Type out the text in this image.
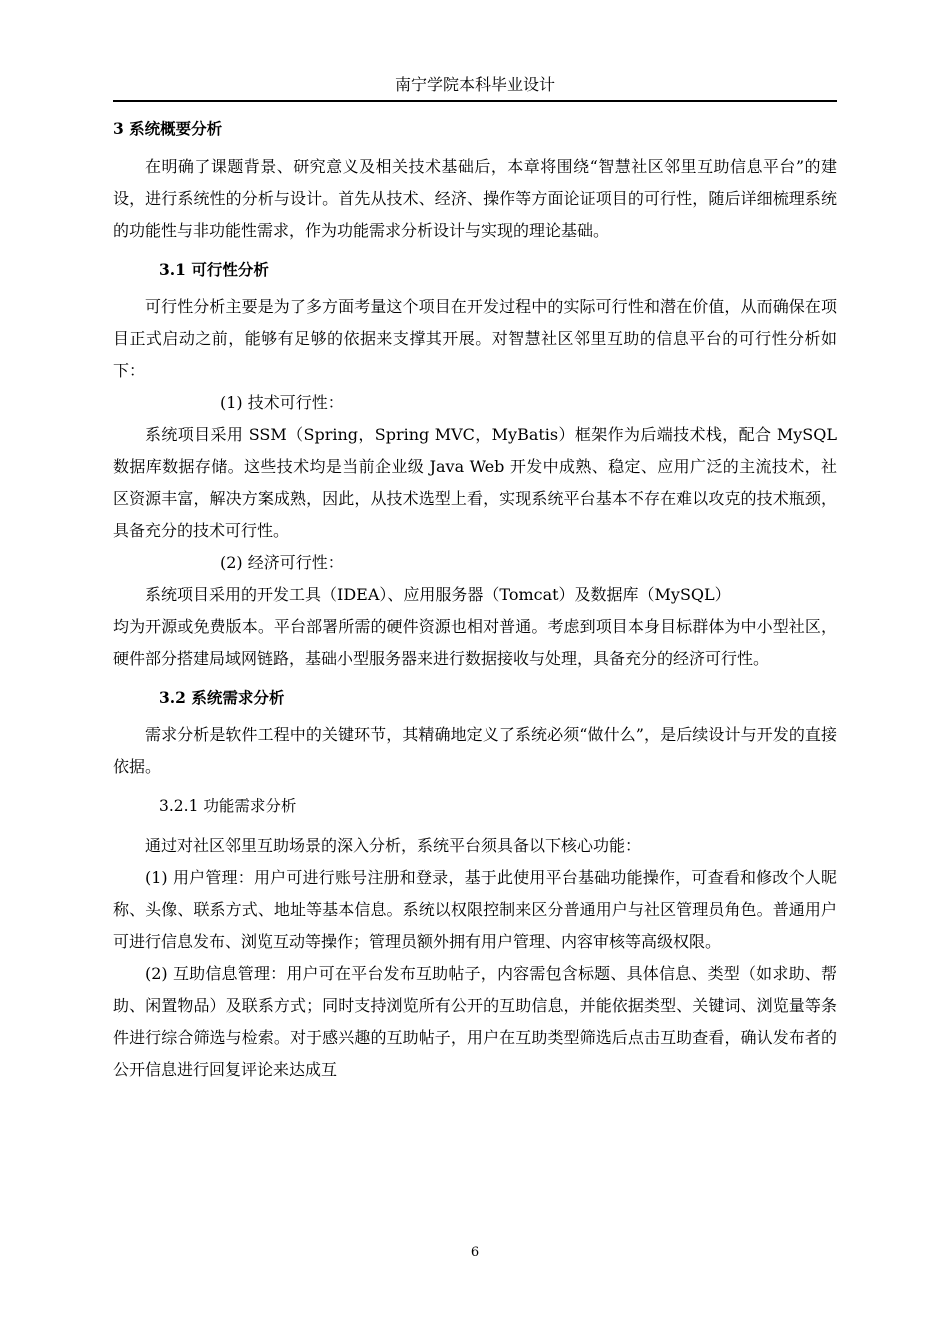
南宁学院本科毕业设计
3 系统概要分析

在明确了课题背景、研究意义及相关技术基础后，本章将围绕“智慧社区邻里互助信息平台”的建设，进行系统性的分析与设计。首先从技术、经济、操作等方面论证项目的可行性，随后详细梳理系统的功能性与非功能性需求，作为功能需求分析设计与实现的理论基础。

3.1 可行性分析

可行性分析主要是为了多方面考量这个项目在开发过程中的实际可行性和潜在价值，从而确保在项目正式启动之前，能够有足够的依据来支撑其开展。对智慧社区邻里互助的信息平台的可行性分析如下：

(1) 技术可行性：

系统项目采用 SSM（Spring，Spring MVC，MyBatis）框架作为后端技术栈，配合 MySQL 数据库数据存储。这些技术均是当前企业级 Java Web 开发中成熟、稳定、应用广泛的主流技术，社区资源丰富，解决方案成熟，因此，从技术选型上看，实现系统平台基本不存在难以攻克的技术瓶颈，具备充分的技术可行性。

(2) 经济可行性：

系统项目采用的开发工具（IDEA）、应用服务器（Tomcat）及数据库（MySQL）

均为开源或免费版本。平台部署所需的硬件资源也相对普通。考虑到项目本身目标群体为中小型社区，硬件部分搭建局域网链路，基础小型服务器来进行数据接收与处理，具备充分的经济可行性。

3.2 系统需求分析

需求分析是软件工程中的关键环节，其精确地定义了系统必须“做什么”，是后续设计与开发的直接依据。

3.2.1 功能需求分析

通过对社区邻里互助场景的深入分析，系统平台须具备以下核心功能：

(1) 用户管理：用户可进行账号注册和登录，基于此使用平台基础功能操作，可查看和修改个人昵称、头像、联系方式、地址等基本信息。系统以权限控制来区分普通用户与社区管理员角色。普通用户可进行信息发布、浏览互动等操作；管理员额外拥有用户管理、内容审核等高级权限。

(2) 互助信息管理：用户可在平台发布互助帖子，内容需包含标题、具体信息、类型（如求助、帮助、闲置物品）及联系方式；同时支持浏览所有公开的互助信息，并能依据类型、关键词、浏览量等条件进行综合筛选与检索。对于感兴趣的互助帖子，用户在互助类型筛选后点击互助查看，确认发布者的公开信息进行回复评论来达成互

6
